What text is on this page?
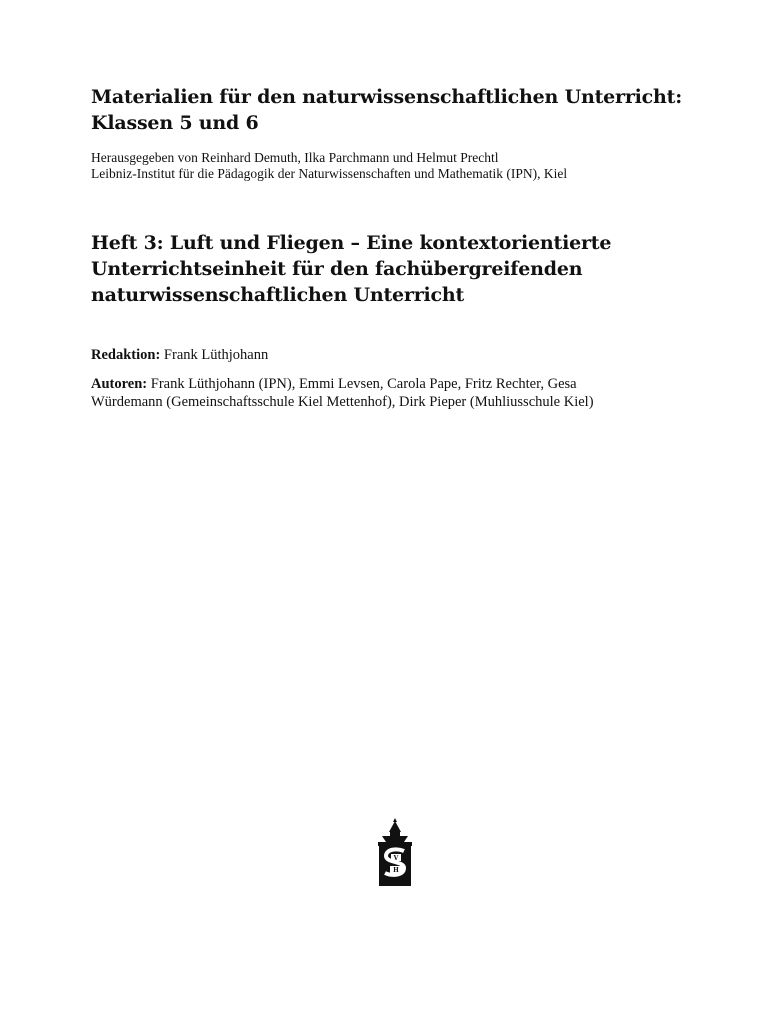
Materialien für den naturwissenschaftlichen Unterricht:
Klassen 5 und 6
Herausgegeben von Reinhard Demuth, Ilka Parchmann und Helmut Prechtl
Leibniz-Institut für die Pädagogik der Naturwissenschaften und Mathematik (IPN), Kiel
Heft 3: Luft und Fliegen – Eine kontextorientierte
Unterrichtseinheit für den fachübergreifenden
naturwissenschaftlichen Unterricht
Redaktion: Frank Lüthjohann
Autoren: Frank Lüthjohann (IPN), Emmi Levsen, Carola Pape, Fritz Rechter, Gesa
Würdemann (Gemeinschaftsschule Kiel Mettenhof), Dirk Pieper (Muhliusschule Kiel)
V
H
